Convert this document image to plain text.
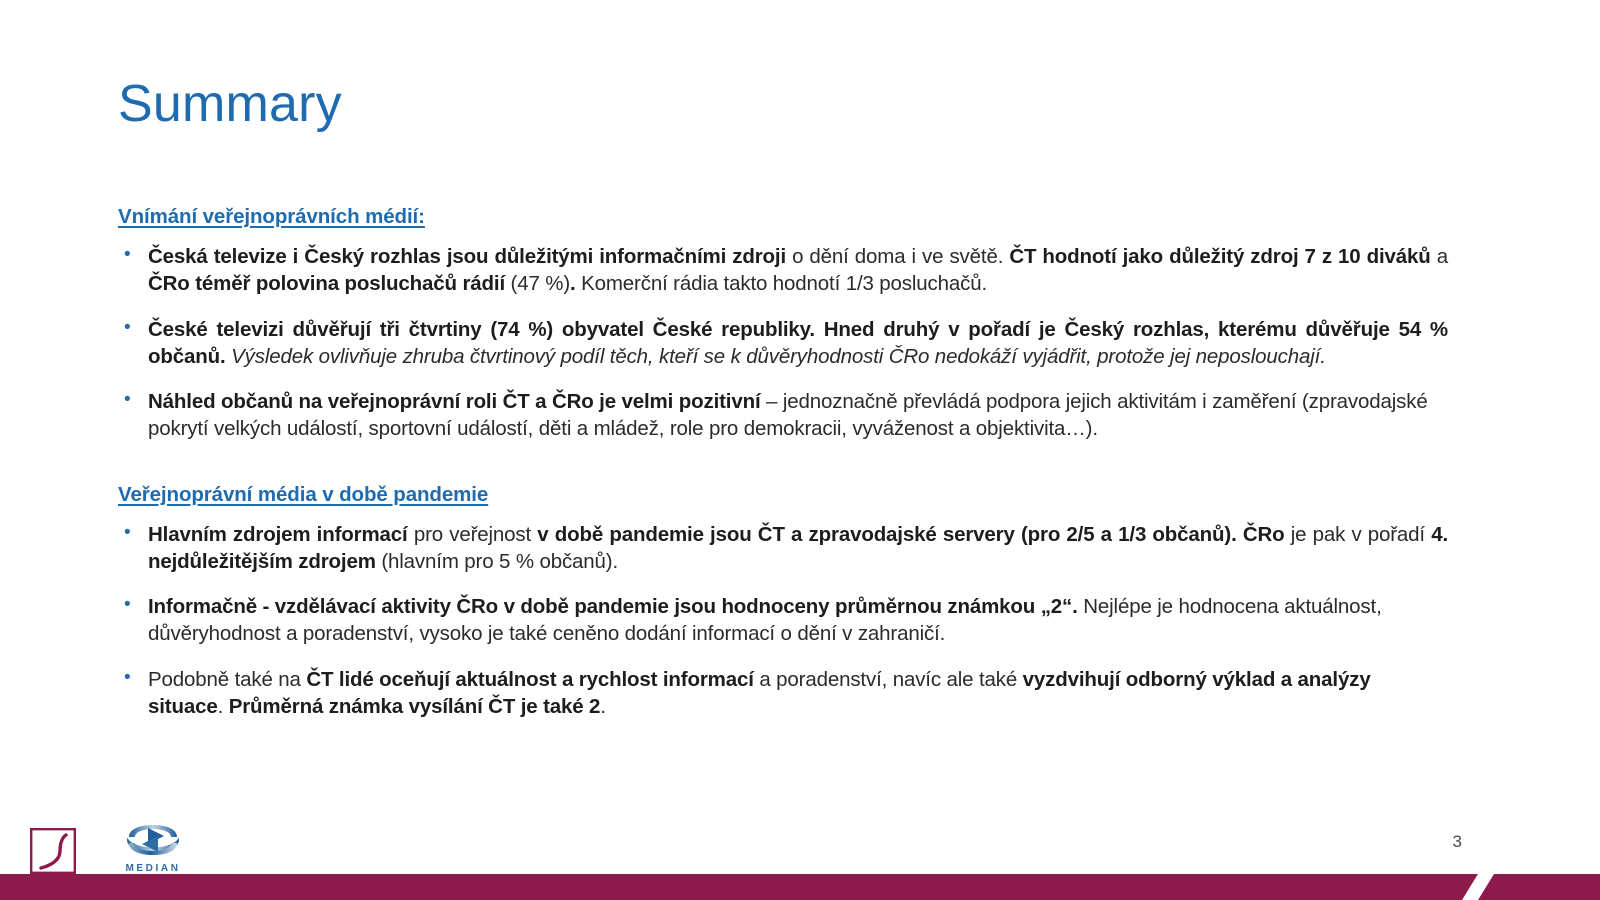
Summary
Vnímání veřejnoprávních médií:
• Česká televize i Český rozhlas jsou důležitými informačními zdroji o dění doma i ve světě. ČT hodnotí jako důležitý zdroj 7 z 10 diváků a ČRo téměř polovina posluchačů rádií (47 %). Komerční rádia takto hodnotí 1/3 posluchačů.
• České televizi důvěřují tři čtvrtiny (74 %) obyvatel České republiky. Hned druhý v pořadí je Český rozhlas, kterému důvěřuje 54 % občanů. Výsledek ovlivňuje zhruba čtvrtinový podíl těch, kteří se k důvěryhodnosti ČRo nedokáží vyjádřit, protože jej neposlouchají.
• Náhled občanů na veřejnoprávní roli ČT a ČRo je velmi pozitivní – jednoznačně převládá podpora jejich aktivitám i zaměření (zpravodajské pokrytí velkých událostí, sportovní událostí, děti a mládež, role pro demokracii, vyváženost a objektivita…).
Veřejnoprávní média v době pandemie
• Hlavním zdrojem informací pro veřejnost v době pandemie jsou ČT a zpravodajské servery (pro 2/5 a 1/3 občanů). ČRo je pak v pořadí 4. nejdůležitějším zdrojem (hlavním pro 5 % občanů).
• Informačně - vzdělávací aktivity ČRo v době pandemie jsou hodnoceny průměrnou známkou „2“. Nejlépe je hodnocena aktuálnost, důvěryhodnost a poradenství, vysoko je také ceněno dodání informací o dění v zahraničí.
• Podobně také na ČT lidé oceňují aktuálnost a rychlost informací a poradenství, navíc ale také vyzdvihují odborný výklad a analýzy situace. Průměrná známka vysílání ČT je také 2.
MEDIAN
3
